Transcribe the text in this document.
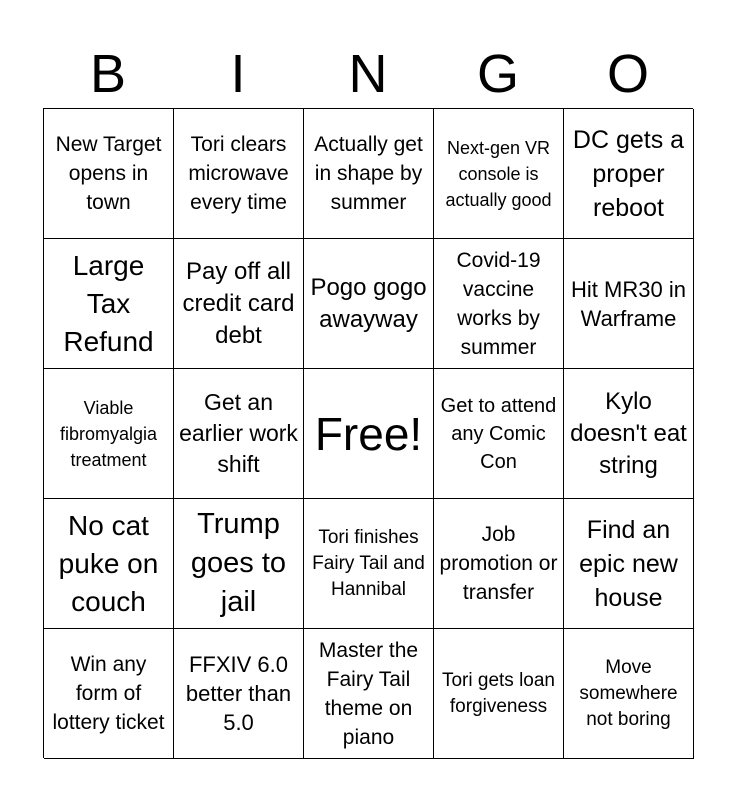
B	I	N	G	O
New Target opens in town
Tori clears microwave every time
Actually get in shape by summer
Next-gen VR console is actually good
DC gets a proper reboot
Large Tax Refund
Pay off all credit card debt
Pogo gogo awayway
Covid-19 vaccine works by summer
Hit MR30 in Warframe
Viable fibromyalgia treatment
Get an earlier work shift
Free!
Get to attend any Comic Con
Kylo doesn't eat string
No cat puke on couch
Trump goes to jail
Tori finishes Fairy Tail and Hannibal
Job promotion or transfer
Find an epic new house
Win any form of lottery ticket
FFXIV 6.0 better than 5.0
Master the Fairy Tail theme on piano
Tori gets loan forgiveness
Move somewhere not boring
